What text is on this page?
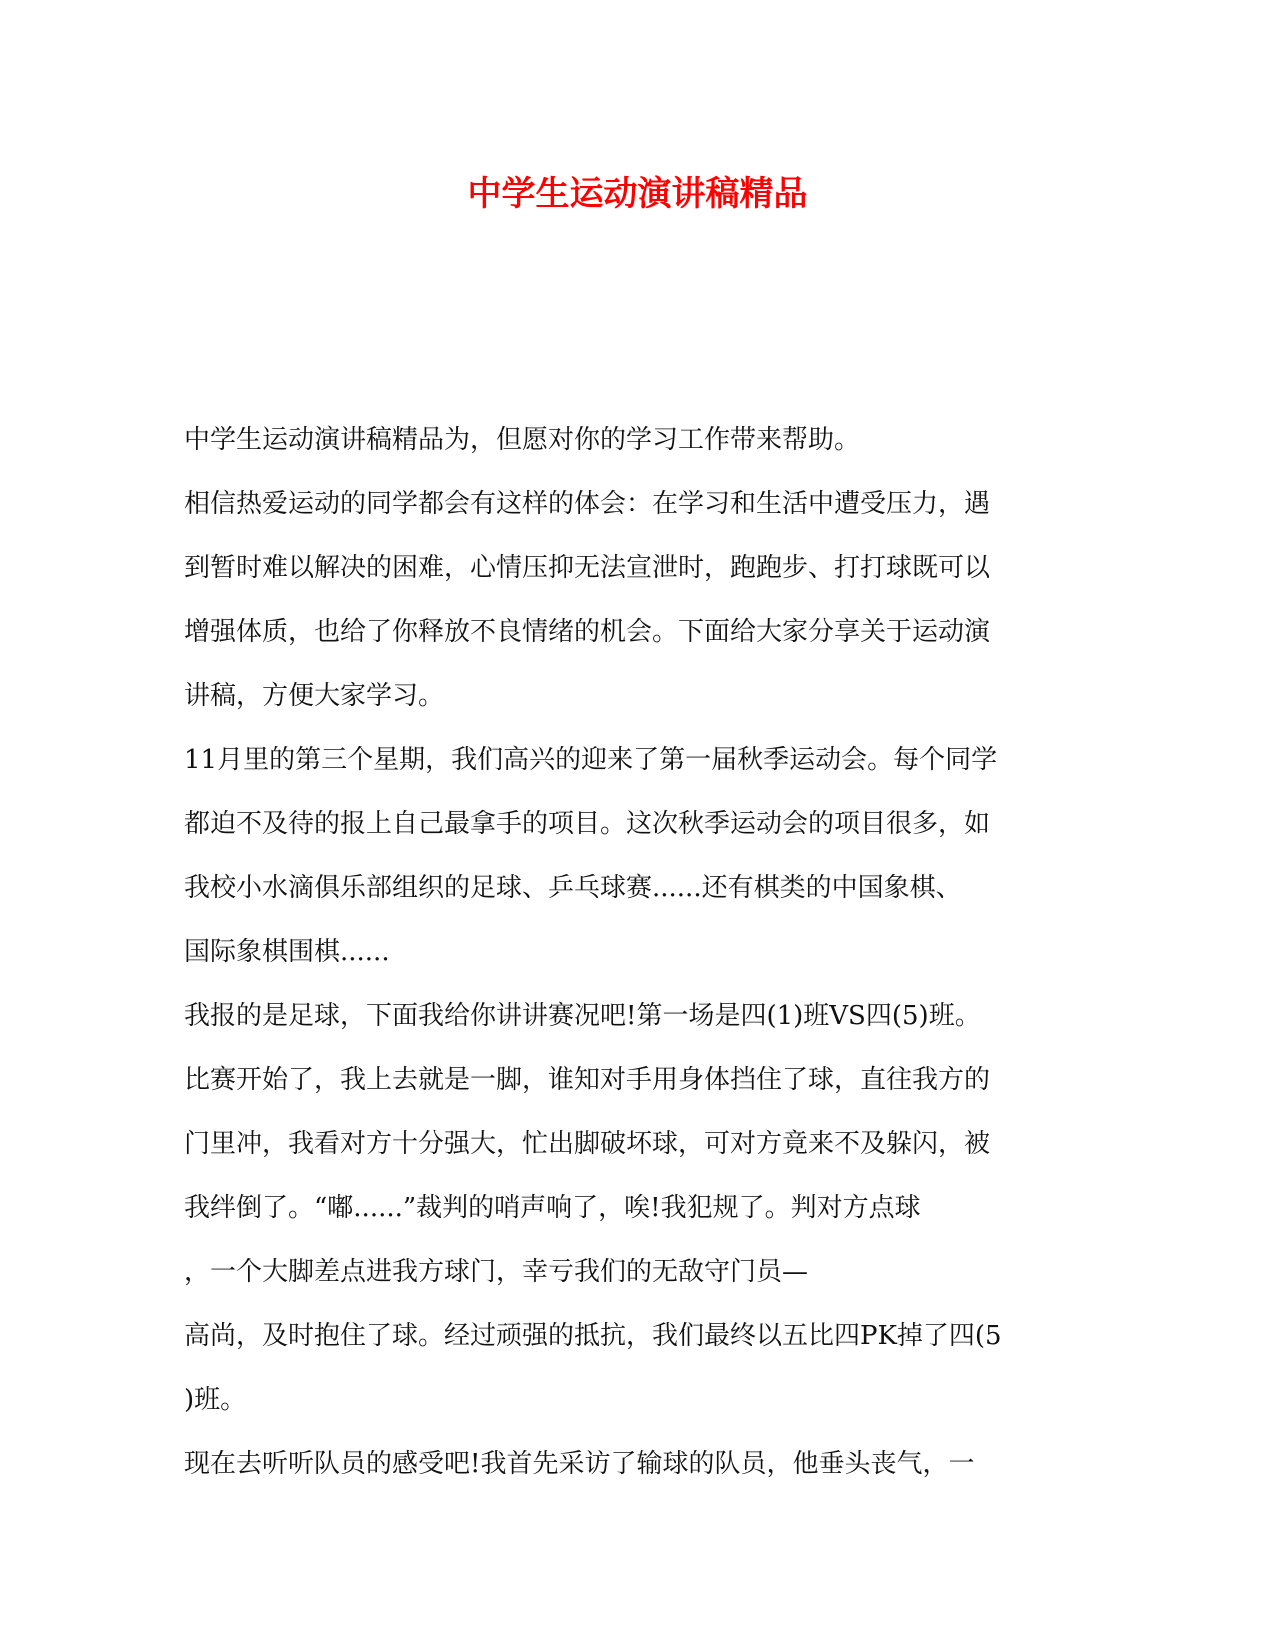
中学生运动演讲稿精品
中学生运动演讲稿精品为，但愿对你的学习工作带来帮助。
相信热爱运动的同学都会有这样的体会：在学习和生活中遭受压力，遇
到暂时难以解决的困难，心情压抑无法宣泄时，跑跑步、打打球既可以
增强体质，也给了你释放不良情绪的机会。下面给大家分享关于运动演
讲稿，方便大家学习。
11月里的第三个星期，我们高兴的迎来了第一届秋季运动会。每个同学
都迫不及待的报上自己最拿手的项目。这次秋季运动会的项目很多，如
我校小水滴俱乐部组织的足球、乒乓球赛......还有棋类的中国象棋、
国际象棋围棋......
我报的是足球，下面我给你讲讲赛况吧!第一场是四(1)班VS四(5)班。
比赛开始了，我上去就是一脚，谁知对手用身体挡住了球，直往我方的
门里冲，我看对方十分强大，忙出脚破坏球，可对方竟来不及躲闪，被
我绊倒了。“嘟......”裁判的哨声响了，唉!我犯规了。判对方点球
，一个大脚差点进我方球门，幸亏我们的无敌守门员—
高尚，及时抱住了球。经过顽强的抵抗，我们最终以五比四PK掉了四(5
)班。
现在去听听队员的感受吧!我首先采访了输球的队员，他垂头丧气，一
